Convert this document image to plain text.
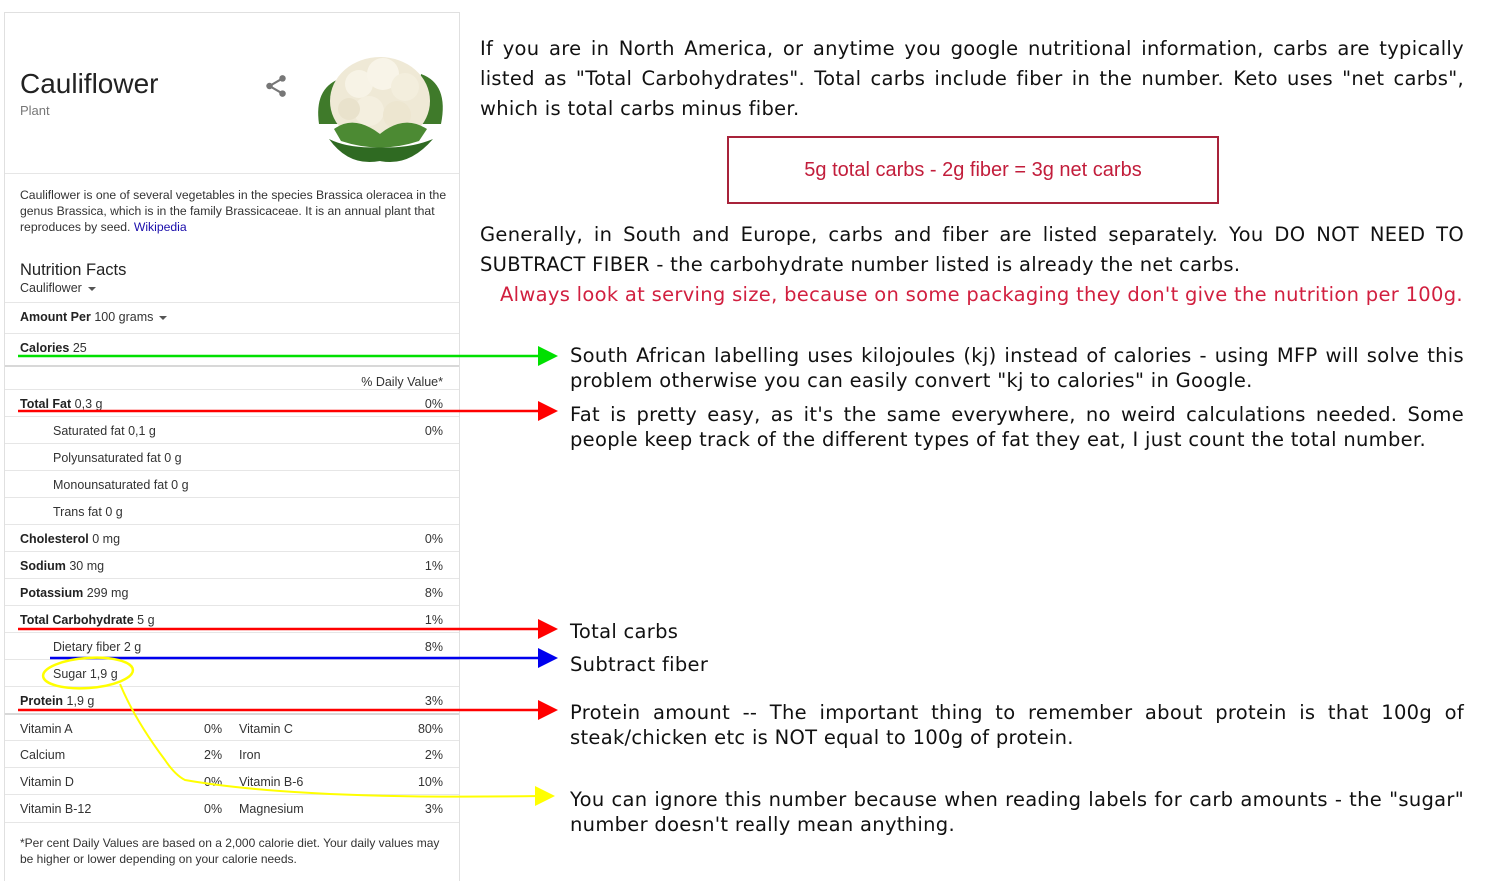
Cauliflower
Plant
Cauliflower is one of several vegetables in the species Brassica oleracea in the genus Brassica, which is in the family Brassicaceae. It is an annual plant that reproduces by seed. Wikipedia
Nutrition Facts
Cauliflower
Amount Per 100 grams
Calories 25
% Daily Value*
Total Fat 0,3 g	0%
Saturated fat 0,1 g	0%
Polyunsaturated fat 0 g
Monounsaturated fat 0 g
Trans fat 0 g
Cholesterol 0 mg	0%
Sodium 30 mg	1%
Potassium 299 mg	8%
Total Carbohydrate 5 g	1%
Dietary fiber 2 g	8%
Sugar 1,9 g
Protein 1,9 g	3%
Vitamin A	0% Vitamin C	80%
Calcium	2% Iron	2%
Vitamin D	0% Vitamin B-6	10%
Vitamin B-12	0% Magnesium	3%
*Per cent Daily Values are based on a 2,000 calorie diet. Your daily values may be higher or lower depending on your calorie needs.
If you are in North America, or anytime you google nutritional information, carbs are typically listed as "Total Carbohydrates". Total carbs include fiber in the number. Keto uses "net carbs", which is total carbs minus fiber.
5g total carbs - 2g fiber = 3g net carbs
Generally, in South and Europe, carbs and fiber are listed separately. You DO NOT NEED TO SUBTRACT FIBER - the carbohydrate number listed is already the net carbs.
Always look at serving size, because on some packaging they don't give the nutrition per 100g.
South African labelling uses kilojoules (kj) instead of calories - using MFP will solve this problem otherwise you can easily convert "kj to calories" in Google.
Fat is pretty easy, as it's the same everywhere, no weird calculations needed. Some people keep track of the different types of fat they eat, I just count the total number.
Total carbs
Subtract fiber
Protein amount -- The important thing to remember about protein is that 100g of steak/chicken etc is NOT equal to 100g of protein.
You can ignore this number because when reading labels for carb amounts - the "sugar" number doesn't really mean anything.
